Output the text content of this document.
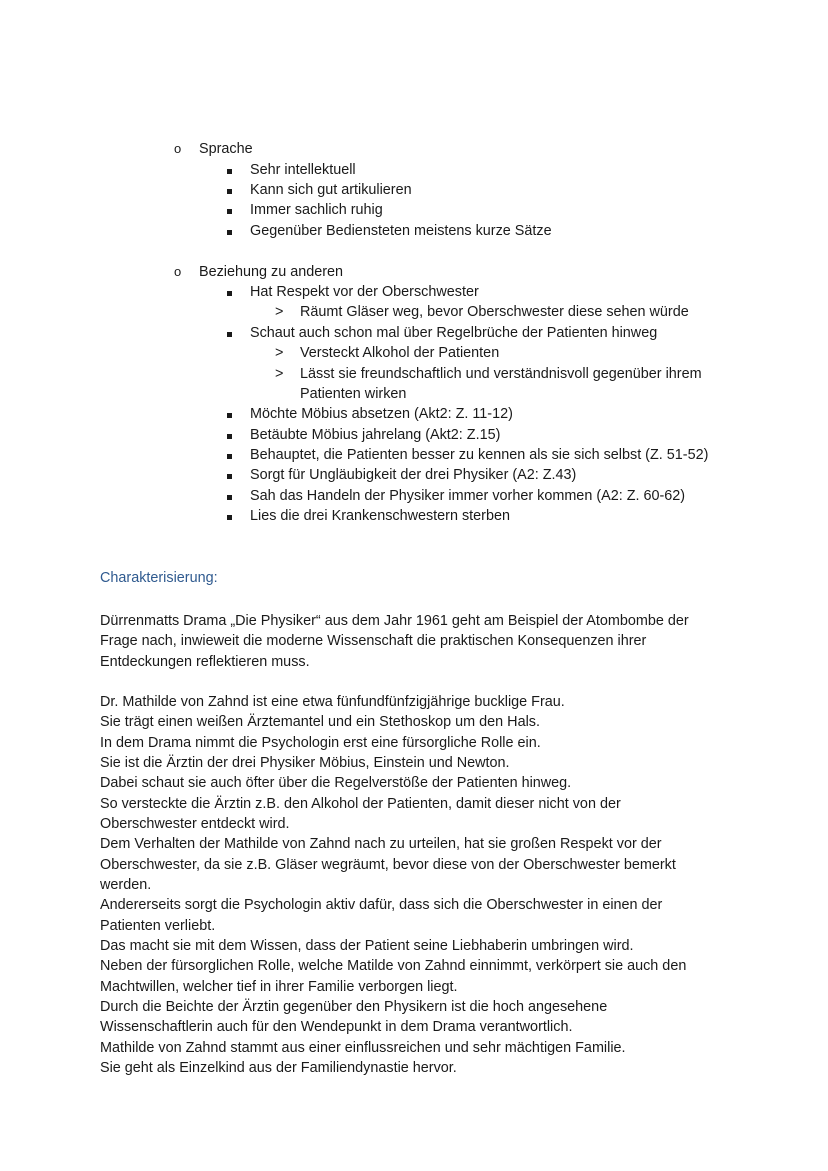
o Sprache
Sehr intellektuell
Kann sich gut artikulieren
Immer sachlich ruhig
Gegenüber Bediensteten meistens kurze Sätze
o Beziehung zu anderen
Hat Respekt vor der Oberschwester
> Räumt Gläser weg, bevor Oberschwester diese sehen würde
Schaut auch schon mal über Regelbrüche der Patienten hinweg
> Versteckt Alkohol der Patienten
> Lässt sie freundschaftlich und verständnisvoll gegenüber ihrem
Patienten wirken
Möchte Möbius absetzen (Akt2: Z. 11-12)
Betäubte Möbius jahrelang (Akt2: Z.15)
Behauptet, die Patienten besser zu kennen als sie sich selbst (Z. 51-52)
Sorgt für Ungläubigkeit der drei Physiker (A2: Z.43)
Sah das Handeln der Physiker immer vorher kommen (A2: Z. 60-62)
Lies die drei Krankenschwestern sterben
Charakterisierung:
Dürrenmatts Drama „Die Physiker“ aus dem Jahr 1961 geht am Beispiel der Atombombe der
Frage nach, inwieweit die moderne Wissenschaft die praktischen Konsequenzen ihrer
Entdeckungen reflektieren muss.
Dr. Mathilde von Zahnd ist eine etwa fünfundfünfzigjährige bucklige Frau.
Sie trägt einen weißen Ärztemantel und ein Stethoskop um den Hals.
In dem Drama nimmt die Psychologin erst eine fürsorgliche Rolle ein.
Sie ist die Ärztin der drei Physiker Möbius, Einstein und Newton.
Dabei schaut sie auch öfter über die Regelverstöße der Patienten hinweg.
So versteckte die Ärztin z.B. den Alkohol der Patienten, damit dieser nicht von der
Oberschwester entdeckt wird.
Dem Verhalten der Mathilde von Zahnd nach zu urteilen, hat sie großen Respekt vor der
Oberschwester, da sie z.B. Gläser wegräumt, bevor diese von der Oberschwester bemerkt
werden.
Andererseits sorgt die Psychologin aktiv dafür, dass sich die Oberschwester in einen der
Patienten verliebt.
Das macht sie mit dem Wissen, dass der Patient seine Liebhaberin umbringen wird.
Neben der fürsorglichen Rolle, welche Matilde von Zahnd einnimmt, verkörpert sie auch den
Machtwillen, welcher tief in ihrer Familie verborgen liegt.
Durch die Beichte der Ärztin gegenüber den Physikern ist die hoch angesehene
Wissenschaftlerin auch für den Wendepunkt in dem Drama verantwortlich.
Mathilde von Zahnd stammt aus einer einflussreichen und sehr mächtigen Familie.
Sie geht als Einzelkind aus der Familiendynastie hervor.
